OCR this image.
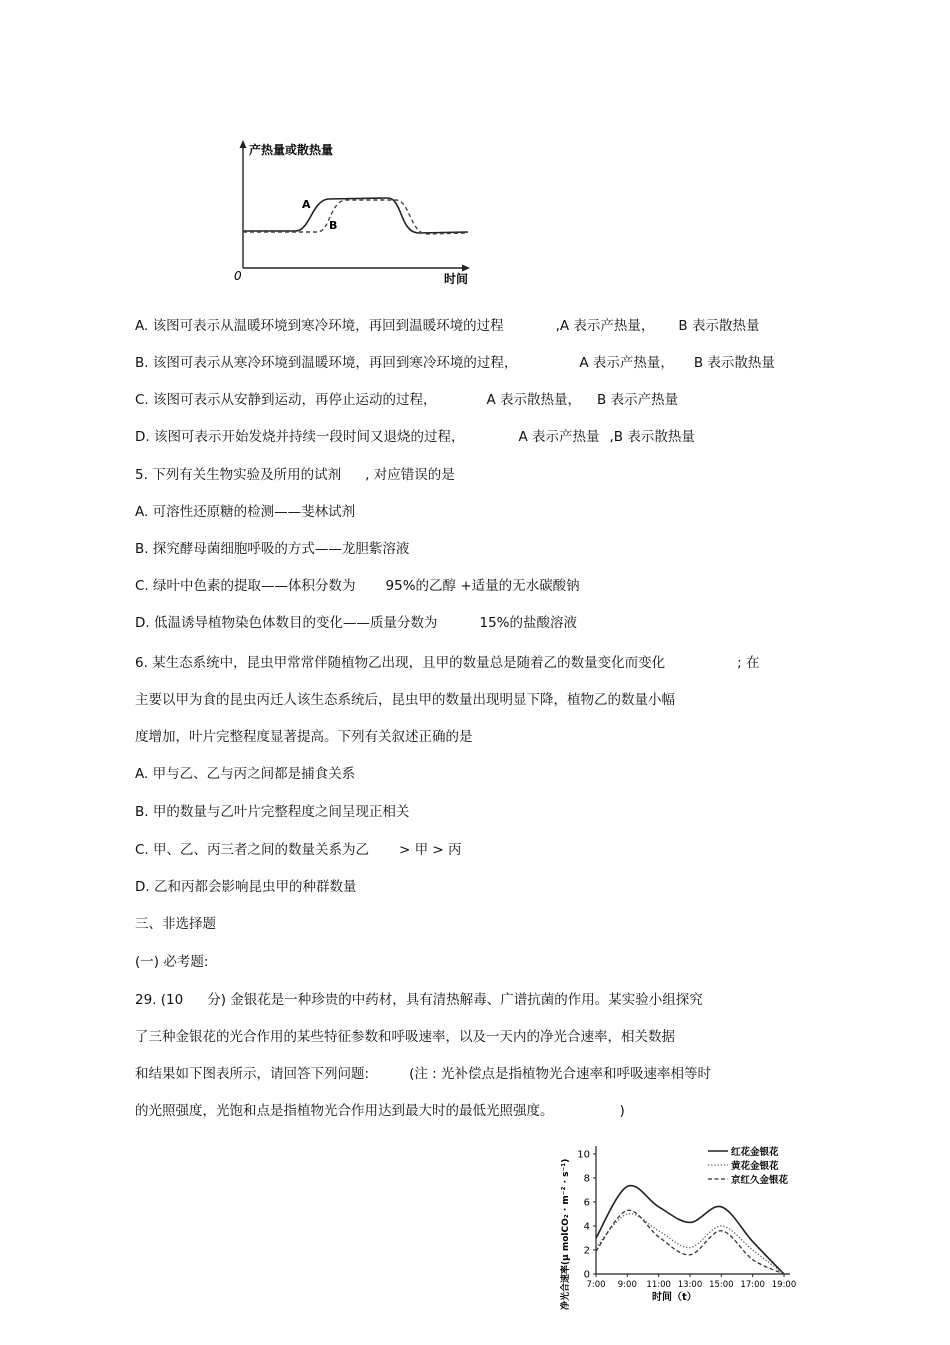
产热量或散热量
0	时间
A
B
A. 该图可表示从温暖环境到寒冷环境，再回到温暖环境的过程	,A 表示产热量， B 表示散热量
B. 该图可表示从寒冷环境到温暖环境，再回到寒冷环境的过程，	A 表示产热量， B 表示散热量
C. 该图可表示从安静到运动，再停止运动的过程，	A 表示散热量， B 表示产热量
D. 该图可表示开始发烧并持续一段时间又退烧的过程，	A 表示产热量 ,B 表示散热量
5. 下列有关生物实验及所用的试剂 , 对应错误的是
A. 可溶性还原糖的检测——斐林试剂
B. 探究酵母菌细胞呼吸的方式——龙胆紫溶液
C. 绿叶中色素的提取——体积分数为 95%的乙醇 +适量的无水碳酸钠
D. 低温诱导植物染色体数目的变化——质量分数为	15%的盐酸溶液
6. 某生态系统中，昆虫甲常常伴随植物乙出现，且甲的数量总是随着乙的数量变化而变化	; 在
主要以甲为食的昆虫丙迁人该生态系统后，昆虫甲的数量出现明显下降，植物乙的数量小幅
度增加，叶片完整程度显著提高。下列有关叙述正确的是
A. 甲与乙、乙与丙之间都是捕食关系
B. 甲的数量与乙叶片完整程度之间呈现正相关
C. 甲、乙、丙三者之间的数量关系为乙 > 甲 > 丙
D. 乙和丙都会影响昆虫甲的种群数量
三、非选择题
(一) 必考题:
29. (10 分) 金银花是一种珍贵的中药材，具有清热解毒、广谱抗菌的作用。某实验小组探究
了三种金银花的光合作用的某些特征参数和呼吸速率，以及一天内的净光合速率，相关数据
和结果如下图表所示，请回答下列问题:	(注 : 光补偿点是指植物光合速率和呼吸速率相等时
的光照强度，光饱和点是指植物光合作用达到最大时的最低光照强度。	)
净光合速率(μ molCO₂ · m⁻² · s⁻¹)	时间（t）
0
2
4
6
8
10
7:00 9:00 11:00 13:00 15:00 17:00 19:00
红花金银花
黄花金银花
京红久金银花
